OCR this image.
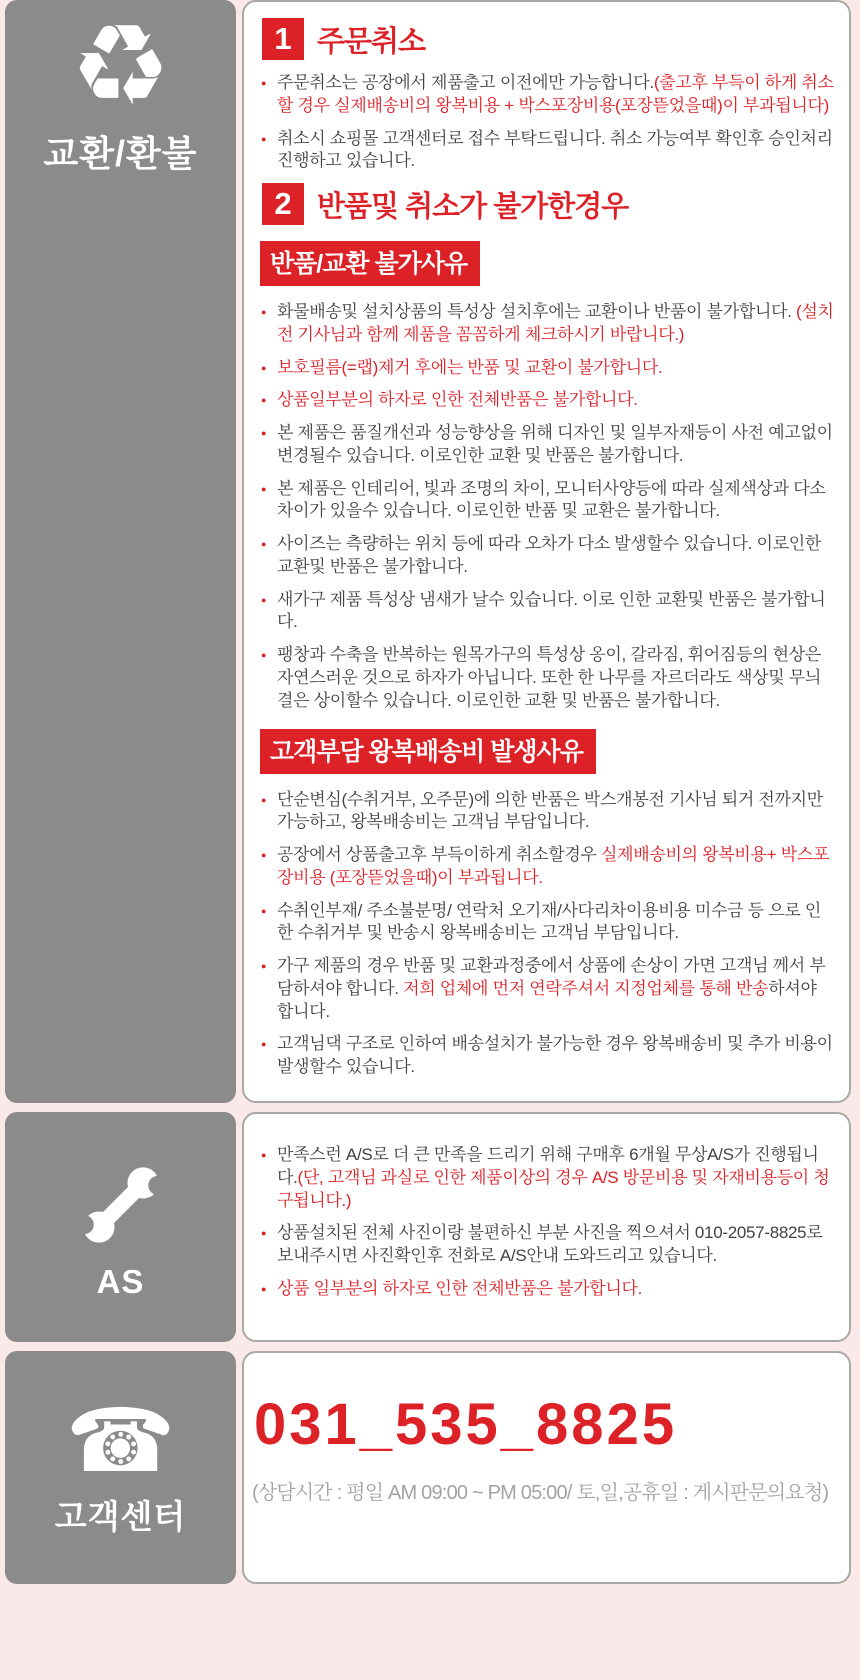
♻
교환/환불
1 주문취소
● 주문취소는 공장에서 제품출고 이전에만 가능합니다.(출고후 부득이 하게 취소할 경우 실제배송비의 왕복비용 + 박스포장비용(포장뜯었을때)이 부과됩니다)
● 취소시 쇼핑몰 고객센터로 접수 부탁드립니다. 취소 가능여부 확인후 승인처리 진행하고 있습니다.
2 반품및 취소가 불가한경우
반품/교환 불가사유
● 화물배송및 설치상품의 특성상 설치후에는 교환이나 반품이 불가합니다. (설치전 기사님과 함께 제품을 꼼꼼하게 체크하시기 바랍니다.)
● 보호필름(=랩)제거 후에는 반품 및 교환이 불가합니다.
● 상품일부분의 하자로 인한 전체반품은 불가합니다.
● 본 제품은 품질개선과 성능향상을 위해 디자인 및 일부자재등이 사전 예고없이 변경될수 있습니다. 이로인한 교환 및 반품은 불가합니다.
● 본 제품은 인테리어, 빛과 조명의 차이, 모니터사양등에 따라 실제색상과 다소 차이가 있을수 있습니다. 이로인한 반품 및 교환은 불가합니다.
● 사이즈는 측량하는 위치 등에 따라 오차가 다소 발생할수 있습니다. 이로인한 교환및 반품은 불가합니다.
● 새가구 제품 특성상 냄새가 날수 있습니다. 이로 인한 교환및 반품은 불가합니다.
● 팽창과 수축을 반복하는 원목가구의 특성상 옹이, 갈라짐, 휘어짐등의 현상은 자연스러운 것으로 하자가 아닙니다. 또한 한 나무를 자르더라도 색상및 무늬결은 상이할수 있습니다. 이로인한 교환 및 반품은 불가합니다.
고객부담 왕복배송비 발생사유
● 단순변심(수취거부, 오주문)에 의한 반품은 박스개봉전 기사님 퇴거 전까지만 가능하고, 왕복배송비는 고객님 부담입니다.
● 공장에서 상품출고후 부득이하게 취소할경우 실제배송비의 왕복비용+ 박스포장비용 (포장뜯었을때)이 부과됩니다.
● 수취인부재/ 주소불분명/ 연락처 오기재/사다리차이용비용 미수금 등 으로 인한 수취거부 및 반송시 왕복배송비는 고객님 부담입니다.
● 가구 제품의 경우 반품 및 교환과정중에서 상품에 손상이 가면 고객님 께서 부담하셔야 합니다. 저희 업체에 먼저 연락주셔서 지정업체를 통해 반송하셔야 합니다.
● 고객님댁 구조로 인하여 배송설치가 불가능한 경우 왕복배송비 및 추가 비용이 발생할수 있습니다.
AS
● 만족스런 A/S로 더 큰 만족을 드리기 위해 구매후 6개월 무상A/S가 진행됩니다.(단, 고객님 과실로 인한 제품이상의 경우 A/S 방문비용 및 자재비용등이 청구됩니다.)
● 상품설치된 전체 사진이랑 불편하신 부분 사진을 찍으셔서 010-2057-8825로 보내주시면 사진확인후 전화로 A/S안내 도와드리고 있습니다.
● 상품 일부분의 하자로 인한 전체반품은 불가합니다.
☎
고객센터
031_535_8825
(상담시간 : 평일 AM 09:00 ~ PM 05:00/ 토,일,공휴일 : 게시판문의요청)
